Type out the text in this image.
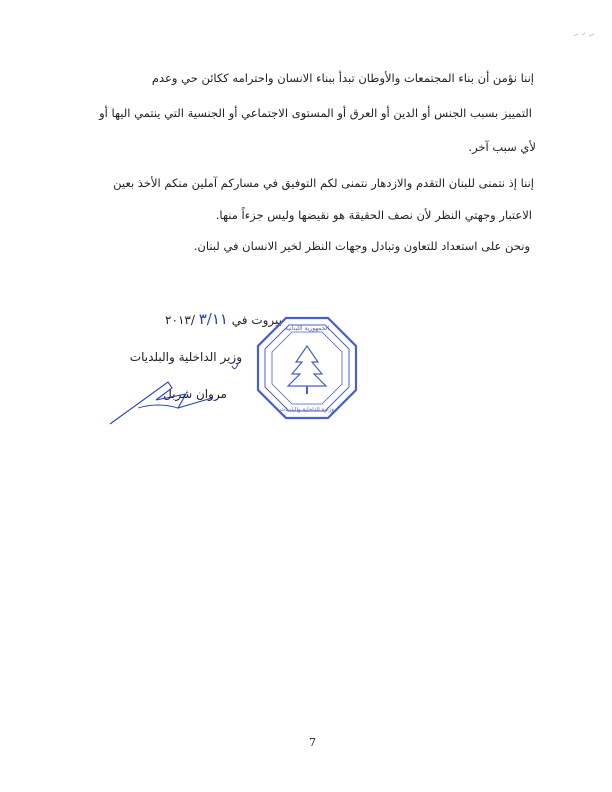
إننا نؤمن أن بناء المجتمعات والأوطان تبدأ ببناء الانسان واحترامه ككائن حي وعدم
التمييز بسبب الجنس أو الدين أو العرق أو المستوى الاجتماعي أو الجنسية التي ينتمي اليها أو
لأي سبب آخر.
إننا إذ نتمنى للبنان التقدم والازدهار نتمنى لكم التوفيق في مساركم آملين منكم الأخذ بعين
الاعتبار وجهتي النظر لأن نصف الحقيقة هو نقيضها وليس جزءاً منها.
ونحن على استعداد للتعاون وتبادل وجهات النظر لخير الانسان في لبنان.
بيروت في ٣/١١ /٢٠١٣
وزير الداخلية والبلديات
مروان شربل
الجمهورية اللبنانية
وزارة الداخلية والبلديات
7
